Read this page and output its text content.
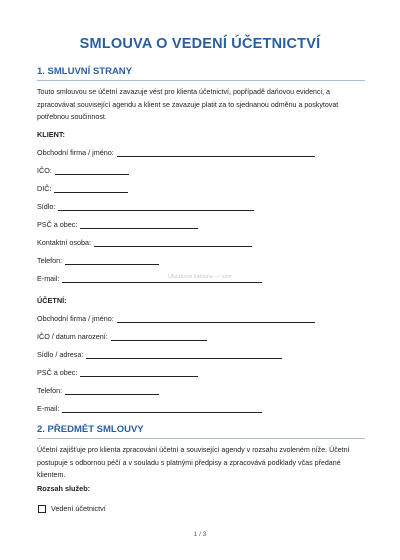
SMLOUVA O VEDENÍ ÚČETNICTVÍ
1. SMLUVNÍ STRANY
Touto smlouvou se účetní zavazuje vést pro klienta účetnictví, popřípadě daňovou evidenci, a zpracovávat související agendu a klient se zavazuje platit za to sjednanou odměnu a poskytovat potřebnou součinnost.
KLIENT:
Obchodní firma / jméno:
IČO:
DIČ:
Sídlo:
PSČ a obec:
Kontaktní osoba:
Telefon:
E-mail:	Ukázková šablona — vzor
ÚČETNÍ:
Obchodní firma / jméno:
IČO / datum narození:
Sídlo / adresa:
PSČ a obec:
Telefon:
E-mail:
2. PŘEDMĚT SMLOUVY
Účetní zajišťuje pro klienta zpracování účetní a související agendy v rozsahu zvoleném níže. Účetní postupuje s odbornou péčí a v souladu s platnými předpisy a zpracovává podklady včas předané klientem.
Rozsah služeb:
Vedení účetnictví
1 / 3
